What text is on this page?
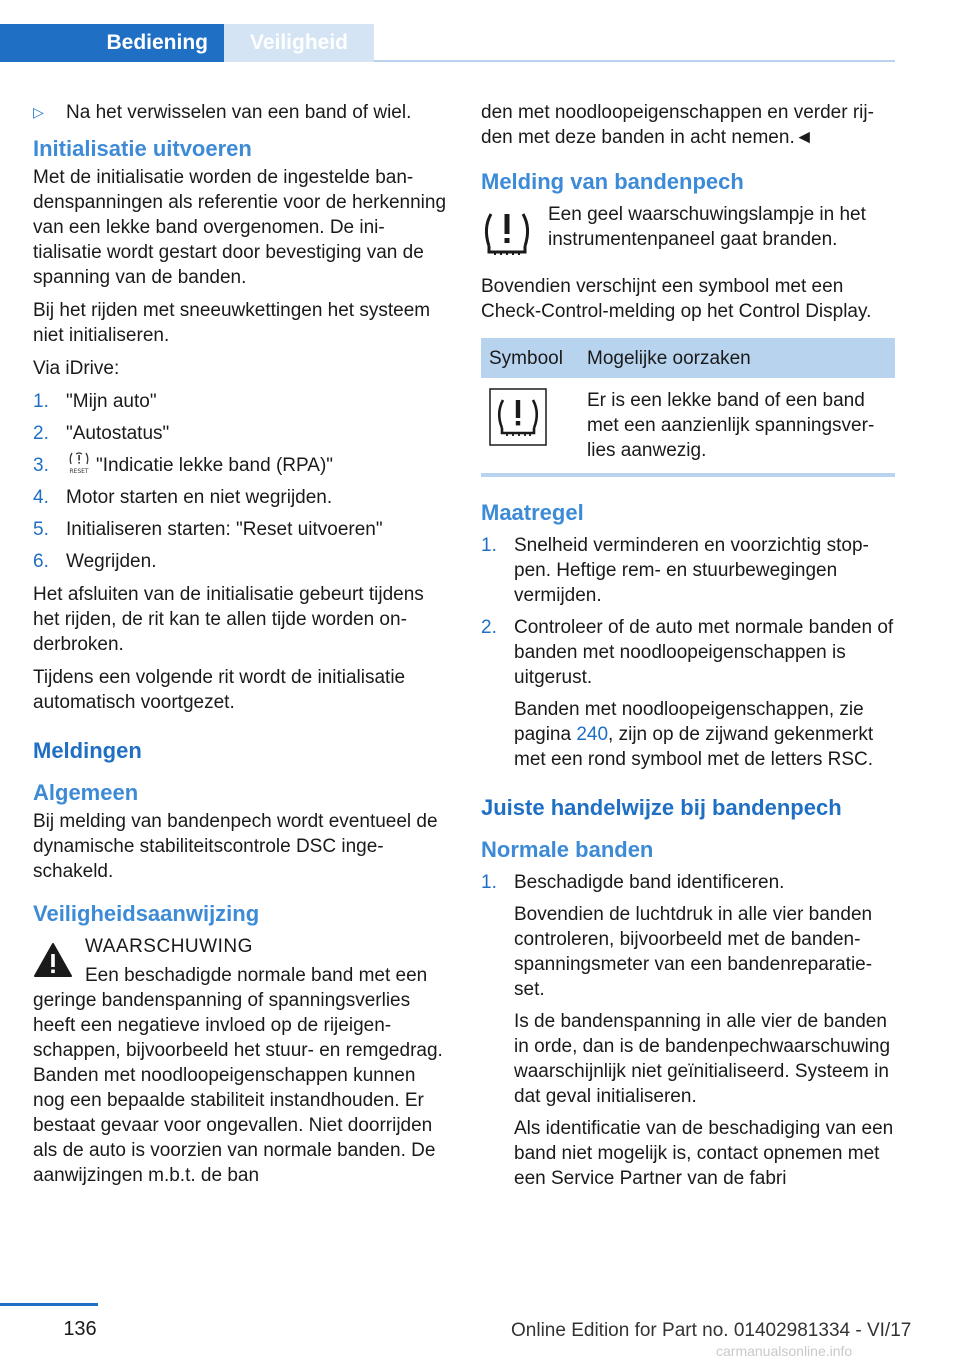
Bediening	Veiligheid
▷	Na het verwisselen van een band of wiel.
Initialisatie uitvoeren

Met de initialisatie worden de ingestelde bandenspanningen als referentie voor de herkenning van een lekke band overgenomen. De initialisatie wordt gestart door bevestiging van de spanning van de banden.

Bij het rijden met sneeuwkettingen het systeem niet initialiseren.

Via iDrive:

1. "Mijn auto"
2. "Autostatus"
3.	RESET "Indicatie lekke band (RPA)"
4. Motor starten en niet wegrijden.
5. Initialiseren starten: "Reset uitvoeren"
6. Wegrijden.

Het afsluiten van de initialisatie gebeurt tijdens het rijden, de rit kan te allen tijde worden onderbroken.

Tijdens een volgende rit wordt de initialisatie automatisch voortgezet.

Meldingen
Algemeen

Bij melding van bandenpech wordt eventueel de dynamische stabiliteitscontrole DSC ingeschakeld.

Veiligheidsaanwijzing
WAARSCHUWING
Een beschadigde normale band met een
geringe bandenspanning of spanningsverlies heeft een negatieve invloed op de rijeigenschappen, bijvoorbeeld het stuur- en remgedrag. Banden met noodloopeigenschappen kunnen nog een bepaalde stabiliteit instandhouden. Er bestaat gevaar voor ongevallen. Niet doorrijden als de auto is voorzien van normale banden. De aanwijzingen m.b.t. de ban

den met noodloopeigenschappen en verder rijden met deze banden in acht nemen.◄

Melding van bandenpech

Een geel waarschuwingslampje in het instrumentenpaneel gaat branden.

Bovendien verschijnt een symbool met een Check-Control-melding op het Control Display.

Symbool	Mogelijke oorzaken
	Er is een lekke band of een band met een aanzienlijk spanningsverlies aanwezig.
Maatregel
1. Snelheid verminderen en voorzichtig stoppen. Heftige rem- en stuurbewegingen vermijden.
2. Controleer of de auto met normale banden of banden met noodloopeigenschappen is uitgerust.
Banden met noodloopeigenschappen, zie pagina 240, zijn op de zijwand gekenmerkt met een rond symbool met de letters RSC.
Juiste handelwijze bij bandenpech
Normale banden
1. Beschadigde band identificeren.
Bovendien de luchtdruk in alle vier banden controleren, bijvoorbeeld met de bandenspanningsmeter van een bandenreparatieset.
Is de bandenspanning in alle vier de banden in orde, dan is de bandenpechwaarschuwing waarschijnlijk niet geïnitialiseerd. Systeem in dat geval initialiseren.
Als identificatie van de beschadiging van een band niet mogelijk is, contact opnemen met een Service Partner van de fabri
136	Online Edition for Part no. 01402981334 - VI/17
carmanualsonline.info
